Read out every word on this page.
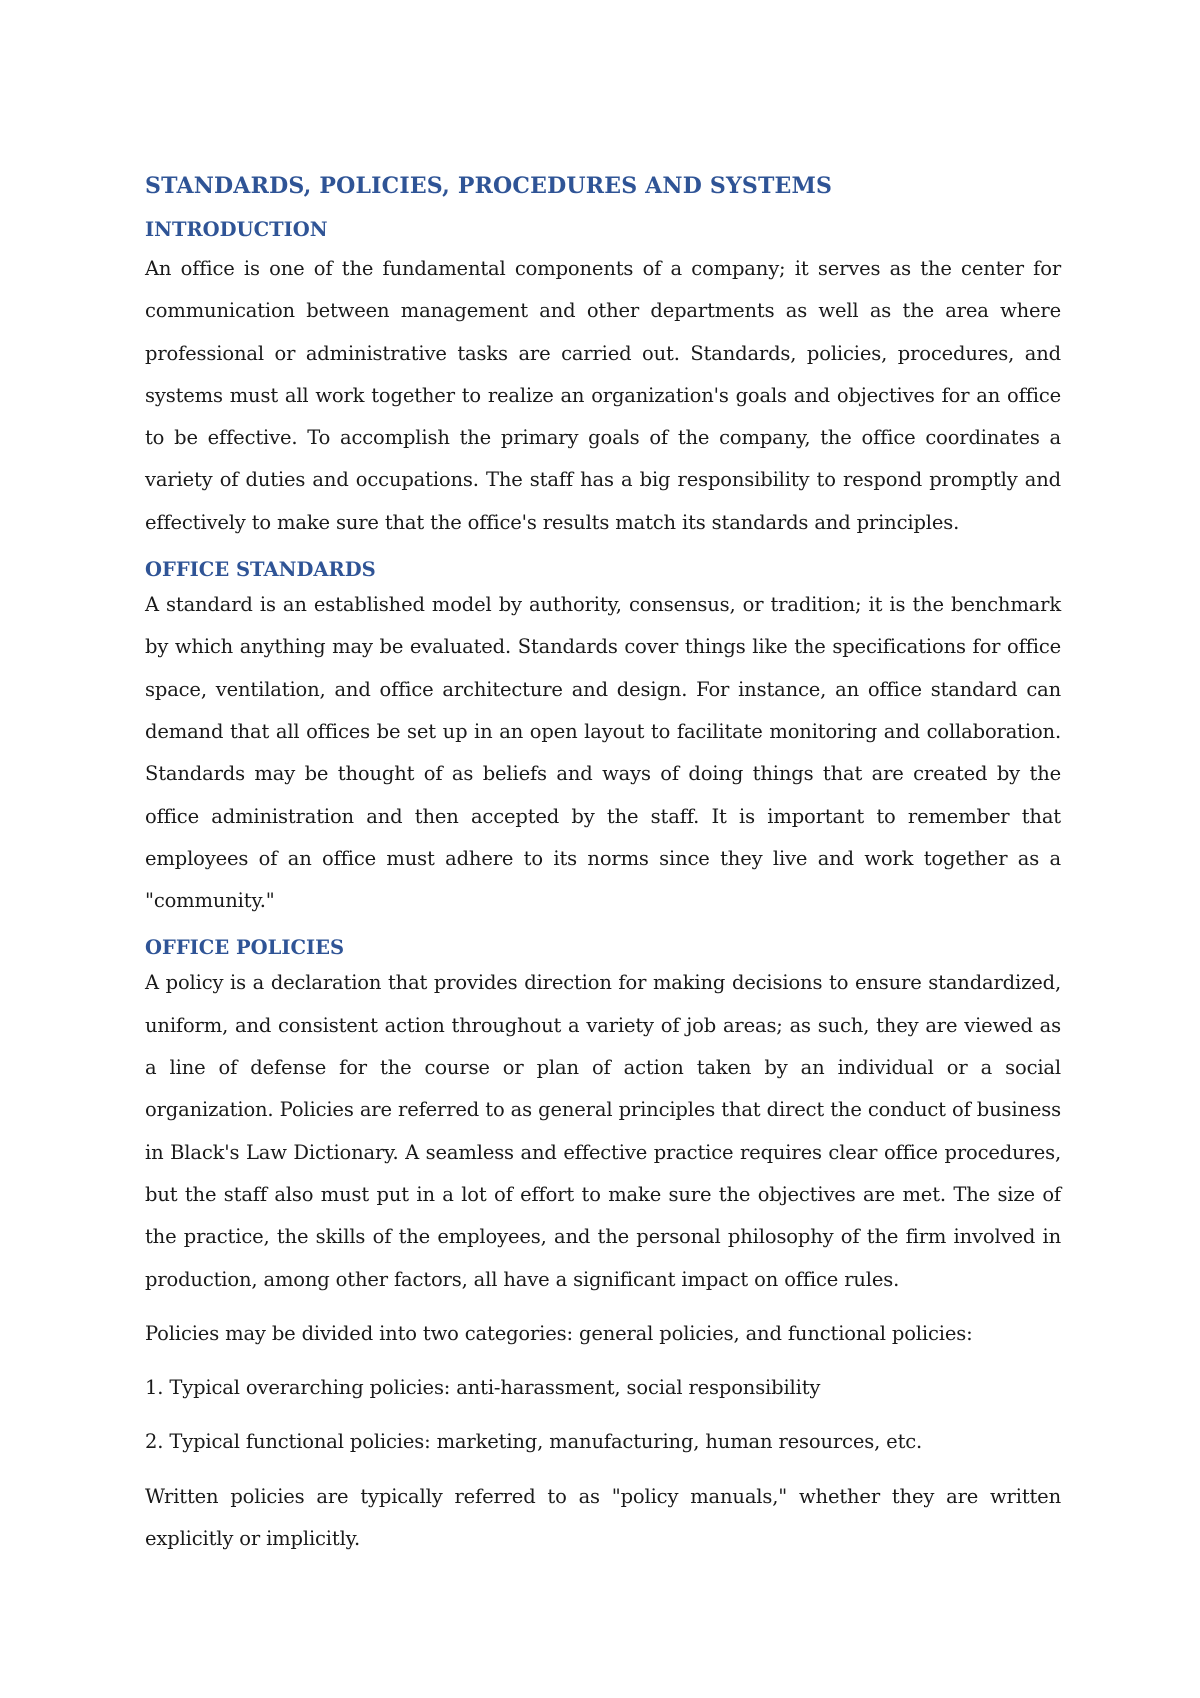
STANDARDS, POLICIES, PROCEDURES AND SYSTEMS
INTRODUCTION

An office is one of the fundamental components of a company; it serves as the center for communication between management and other departments as well as the area where professional or administrative tasks are carried out. Standards, policies, procedures, and systems must all work together to realize an organization's goals and objectives for an office to be effective. To accomplish the primary goals of the company, the office coordinates a variety of duties and occupations. The staff has a big responsibility to respond promptly and effectively to make sure that the office's results match its standards and principles.

OFFICE STANDARDS

A standard is an established model by authority, consensus, or tradition; it is the benchmark by which anything may be evaluated. Standards cover things like the specifications for office space, ventilation, and office architecture and design. For instance, an office standard can demand that all offices be set up in an open layout to facilitate monitoring and collaboration. Standards may be thought of as beliefs and ways of doing things that are created by the office administration and then accepted by the staff. It is important to remember that employees of an office must adhere to its norms since they live and work together as a "community."

OFFICE POLICIES

A policy is a declaration that provides direction for making decisions to ensure standardized, uniform, and consistent action throughout a variety of job areas; as such, they are viewed as a line of defense for the course or plan of action taken by an individual or a social organization. Policies are referred to as general principles that direct the conduct of business in Black's Law Dictionary. A seamless and effective practice requires clear office procedures, but the staff also must put in a lot of effort to make sure the objectives are met. The size of the practice, the skills of the employees, and the personal philosophy of the firm involved in production, among other factors, all have a significant impact on office rules.

Policies may be divided into two categories: general policies, and functional policies:

1. Typical overarching policies: anti-harassment, social responsibility

2. Typical functional policies: marketing, manufacturing, human resources, etc.

Written policies are typically referred to as "policy manuals," whether they are written explicitly or implicitly.
